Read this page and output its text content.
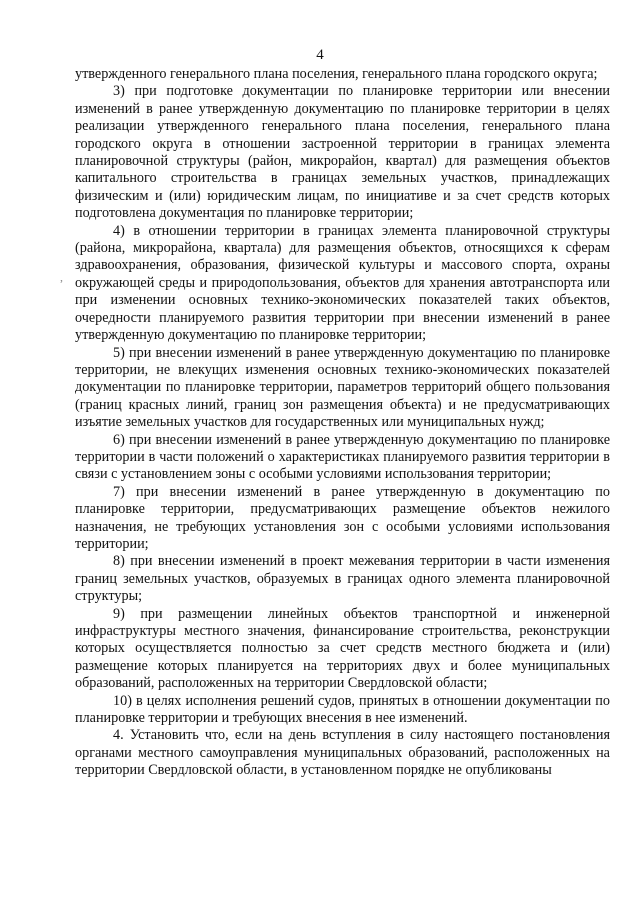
4
,

утвержденного генерального плана поселения, генерального плана городского округа;

3) при подготовке документации по планировке территории или внесении изменений в ранее утвержденную документацию по планировке территории в целях реализации утвержденного генерального плана поселения, генерального плана городского округа в отношении застроенной территории в границах элемента планировочной структуры (район, микрорайон, квартал) для размещения объектов капитального строительства в границах земельных участков, принадлежащих физическим и (или) юридическим лицам, по инициативе и за счет средств которых подготовлена документация по планировке территории;

4) в отношении территории в границах элемента планировочной структуры (района, микрорайона, квартала) для размещения объектов, относящихся к сферам здравоохранения, образования, физической культуры и массового спорта, охраны окружающей среды и природопользования, объектов для хранения автотранспорта или при изменении основных технико-экономических показателей таких объектов, очередности планируемого развития территории при внесении изменений в ранее утвержденную документацию по планировке территории;

5) при внесении изменений в ранее утвержденную документацию по планировке территории, не влекущих изменения основных технико-экономических показателей документации по планировке территории, параметров территорий общего пользования (границ красных линий, границ зон размещения объекта) и не предусматривающих изъятие земельных участков для государственных или муниципальных нужд;

6) при внесении изменений в ранее утвержденную документацию по планировке территории в части положений о характеристиках планируемого развития территории в связи с установлением зоны с особыми условиями использования территории;

7) при внесении изменений в ранее утвержденную в документацию по планировке территории, предусматривающих размещение объектов нежилого назначения, не требующих установления зон с особыми условиями использования территории;

8) при внесении изменений в проект межевания территории в части изменения границ земельных участков, образуемых в границах одного элемента планировочной структуры;

9) при размещении линейных объектов транспортной и инженерной инфраструктуры местного значения, финансирование строительства, реконструкции которых осуществляется полностью за счет средств местного бюджета и (или) размещение которых планируется на территориях двух и более муниципальных образований, расположенных на территории Свердловской области;

10) в целях исполнения решений судов, принятых в отношении документации по планировке территории и требующих внесения в нее изменений.

4. Установить что, если на день вступления в силу настоящего постановления органами местного самоуправления муниципальных образований, расположенных на территории Свердловской области, в установленном порядке не опубликованы
